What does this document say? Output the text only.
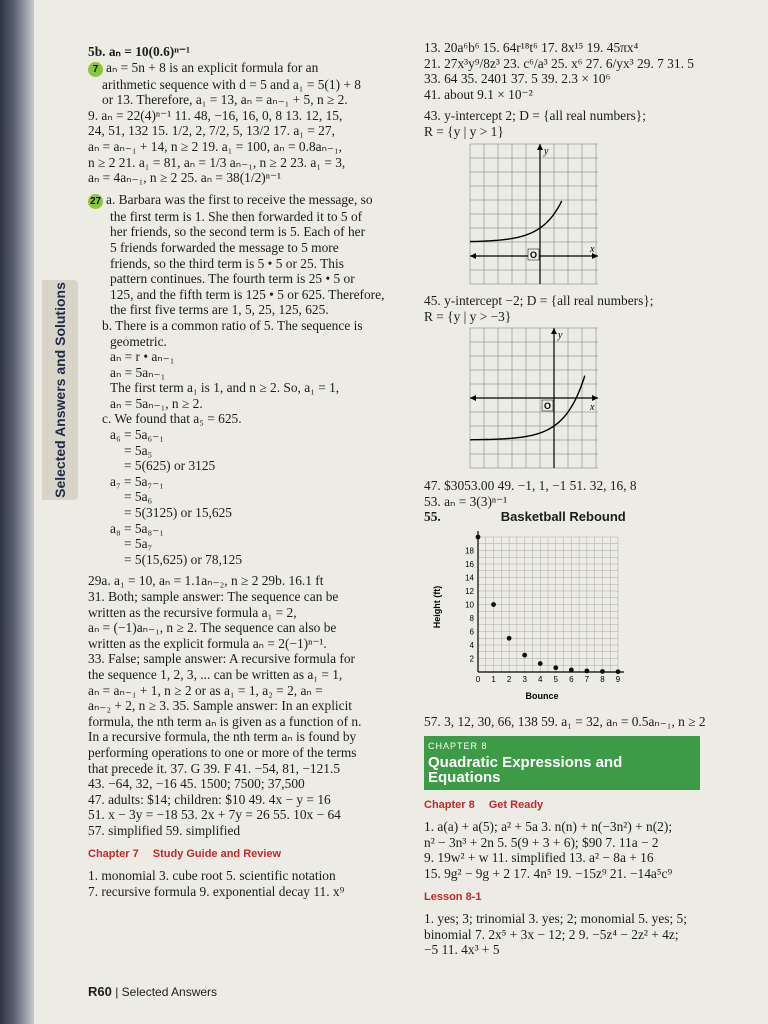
Selected Answers and Solutions
5b. aₙ = 10(0.6)ⁿ⁻¹
7 aₙ = 5n + 8 is an explicit formula for an
arithmetic sequence with d = 5 and a₁ = 5(1) + 8
or 13. Therefore, a₁ = 13, aₙ = aₙ₋₁ + 5, n ≥ 2.
9. aₙ = 22(4)ⁿ⁻¹ 11. 48, −16, 16, 0, 8 13. 12, 15,
24, 51, 132 15. 1/2, 2, 7/2, 5, 13/2 17. a₁ = 27,
aₙ = aₙ₋₁ + 14, n ≥ 2 19. a₁ = 100, aₙ = 0.8aₙ₋₁,
n ≥ 2 21. a₁ = 81, aₙ = 1/3 aₙ₋₁, n ≥ 2 23. a₁ = 3,
aₙ = 4aₙ₋₁, n ≥ 2 25. aₙ = 38(1/2)ⁿ⁻¹
27 a. Barbara was the first to receive the message, so
the first term is 1. She then forwarded it to 5 of
her friends, so the second term is 5. Each of her
5 friends forwarded the message to 5 more
friends, so the third term is 5 • 5 or 25. This
pattern continues. The fourth term is 25 • 5 or
125, and the fifth term is 125 • 5 or 625. Therefore,
the first five terms are 1, 5, 25, 125, 625.
b. There is a common ratio of 5. The sequence is
geometric.
aₙ = r • aₙ₋₁
aₙ = 5aₙ₋₁
The first term a₁ is 1, and n ≥ 2. So, a₁ = 1,
aₙ = 5aₙ₋₁, n ≥ 2.
c. We found that a₅ = 625.
a₆ = 5a₆₋₁
= 5a₅
= 5(625) or 3125
a₇ = 5a₇₋₁
= 5a₆
= 5(3125) or 15,625
a₈ = 5a₈₋₁
= 5a₇
= 5(15,625) or 78,125
29a. a₁ = 10, aₙ = 1.1aₙ₋₂, n ≥ 2 29b. 16.1 ft
31. Both; sample answer: The sequence can be
written as the recursive formula a₁ = 2,
aₙ = (−1)aₙ₋₁, n ≥ 2. The sequence can also be
written as the explicit formula aₙ = 2(−1)ⁿ⁻¹.
33. False; sample answer: A recursive formula for
the sequence 1, 2, 3, ... can be written as a₁ = 1,
aₙ = aₙ₋₁ + 1, n ≥ 2 or as a₁ = 1, a₂ = 2, aₙ =
aₙ₋₂ + 2, n ≥ 3. 35. Sample answer: In an explicit
formula, the nth term aₙ is given as a function of n.
In a recursive formula, the nth term aₙ is found by
performing operations to one or more of the terms
that precede it. 37. G 39. F 41. −54, 81, −121.5
43. −64, 32, −16 45. 1500; 7500; 37,500
47. adults: $14; children: $10 49. 4x − y = 16
51. x − 3y = −18 53. 2x + 7y = 26 55. 10x − 64
57. simplified 59. simplified
Chapter 7 Study Guide and Review
1. monomial 3. cube root 5. scientific notation
7. recursive formula 9. exponential decay 11. x⁹
13. 20a⁶b⁶ 15. 64r¹⁸t⁶ 17. 8x¹⁵ 19. 45πx⁴
21. 27x³y⁹/8z³ 23. c⁶/a³ 25. x⁶ 27. 6/yx³ 29. 7 31. 5
33. 64 35. 2401 37. 5 39. 2.3 × 10⁶
41. about 9.1 × 10⁻²
43. y-intercept 2; D = {all real numbers};
R = {y | y > 1}
y
x
O
45. y-intercept −2; D = {all real numbers};
R = {y | y > −3}
y
x
O
47. $3053.00 49. −1, 1, −1 51. 32, 16, 8
53. aₙ = 3(3)ⁿ⁻¹
55.	Basketball Rebound
2
4
6
8
10
12
14
16
18
0 1 2 3 4 5 6 7 8 9
Height (ft)
Bounce
57. 3, 12, 30, 66, 138 59. a₁ = 32, aₙ = 0.5aₙ₋₁, n ≥ 2
CHAPTER 8
Quadratic Expressions and Equations
Chapter 8 Get Ready
1. a(a) + a(5); a² + 5a 3. n(n) + n(−3n²) + n(2);
n² − 3n³ + 2n 5. 5(9 + 3 + 6); $90 7. 11a − 2
9. 19w² + w 11. simplified 13. a² − 8a + 16
15. 9g² − 9g + 2 17. 4n⁵ 19. −15z⁹ 21. −14a⁵c⁹
Lesson 8-1
1. yes; 3; trinomial 3. yes; 2; monomial 5. yes; 5;
binomial 7. 2x⁵ + 3x − 12; 2 9. −5z⁴ − 2z² + 4z;
−5 11. 4x³ + 5
R60 | Selected Answers
